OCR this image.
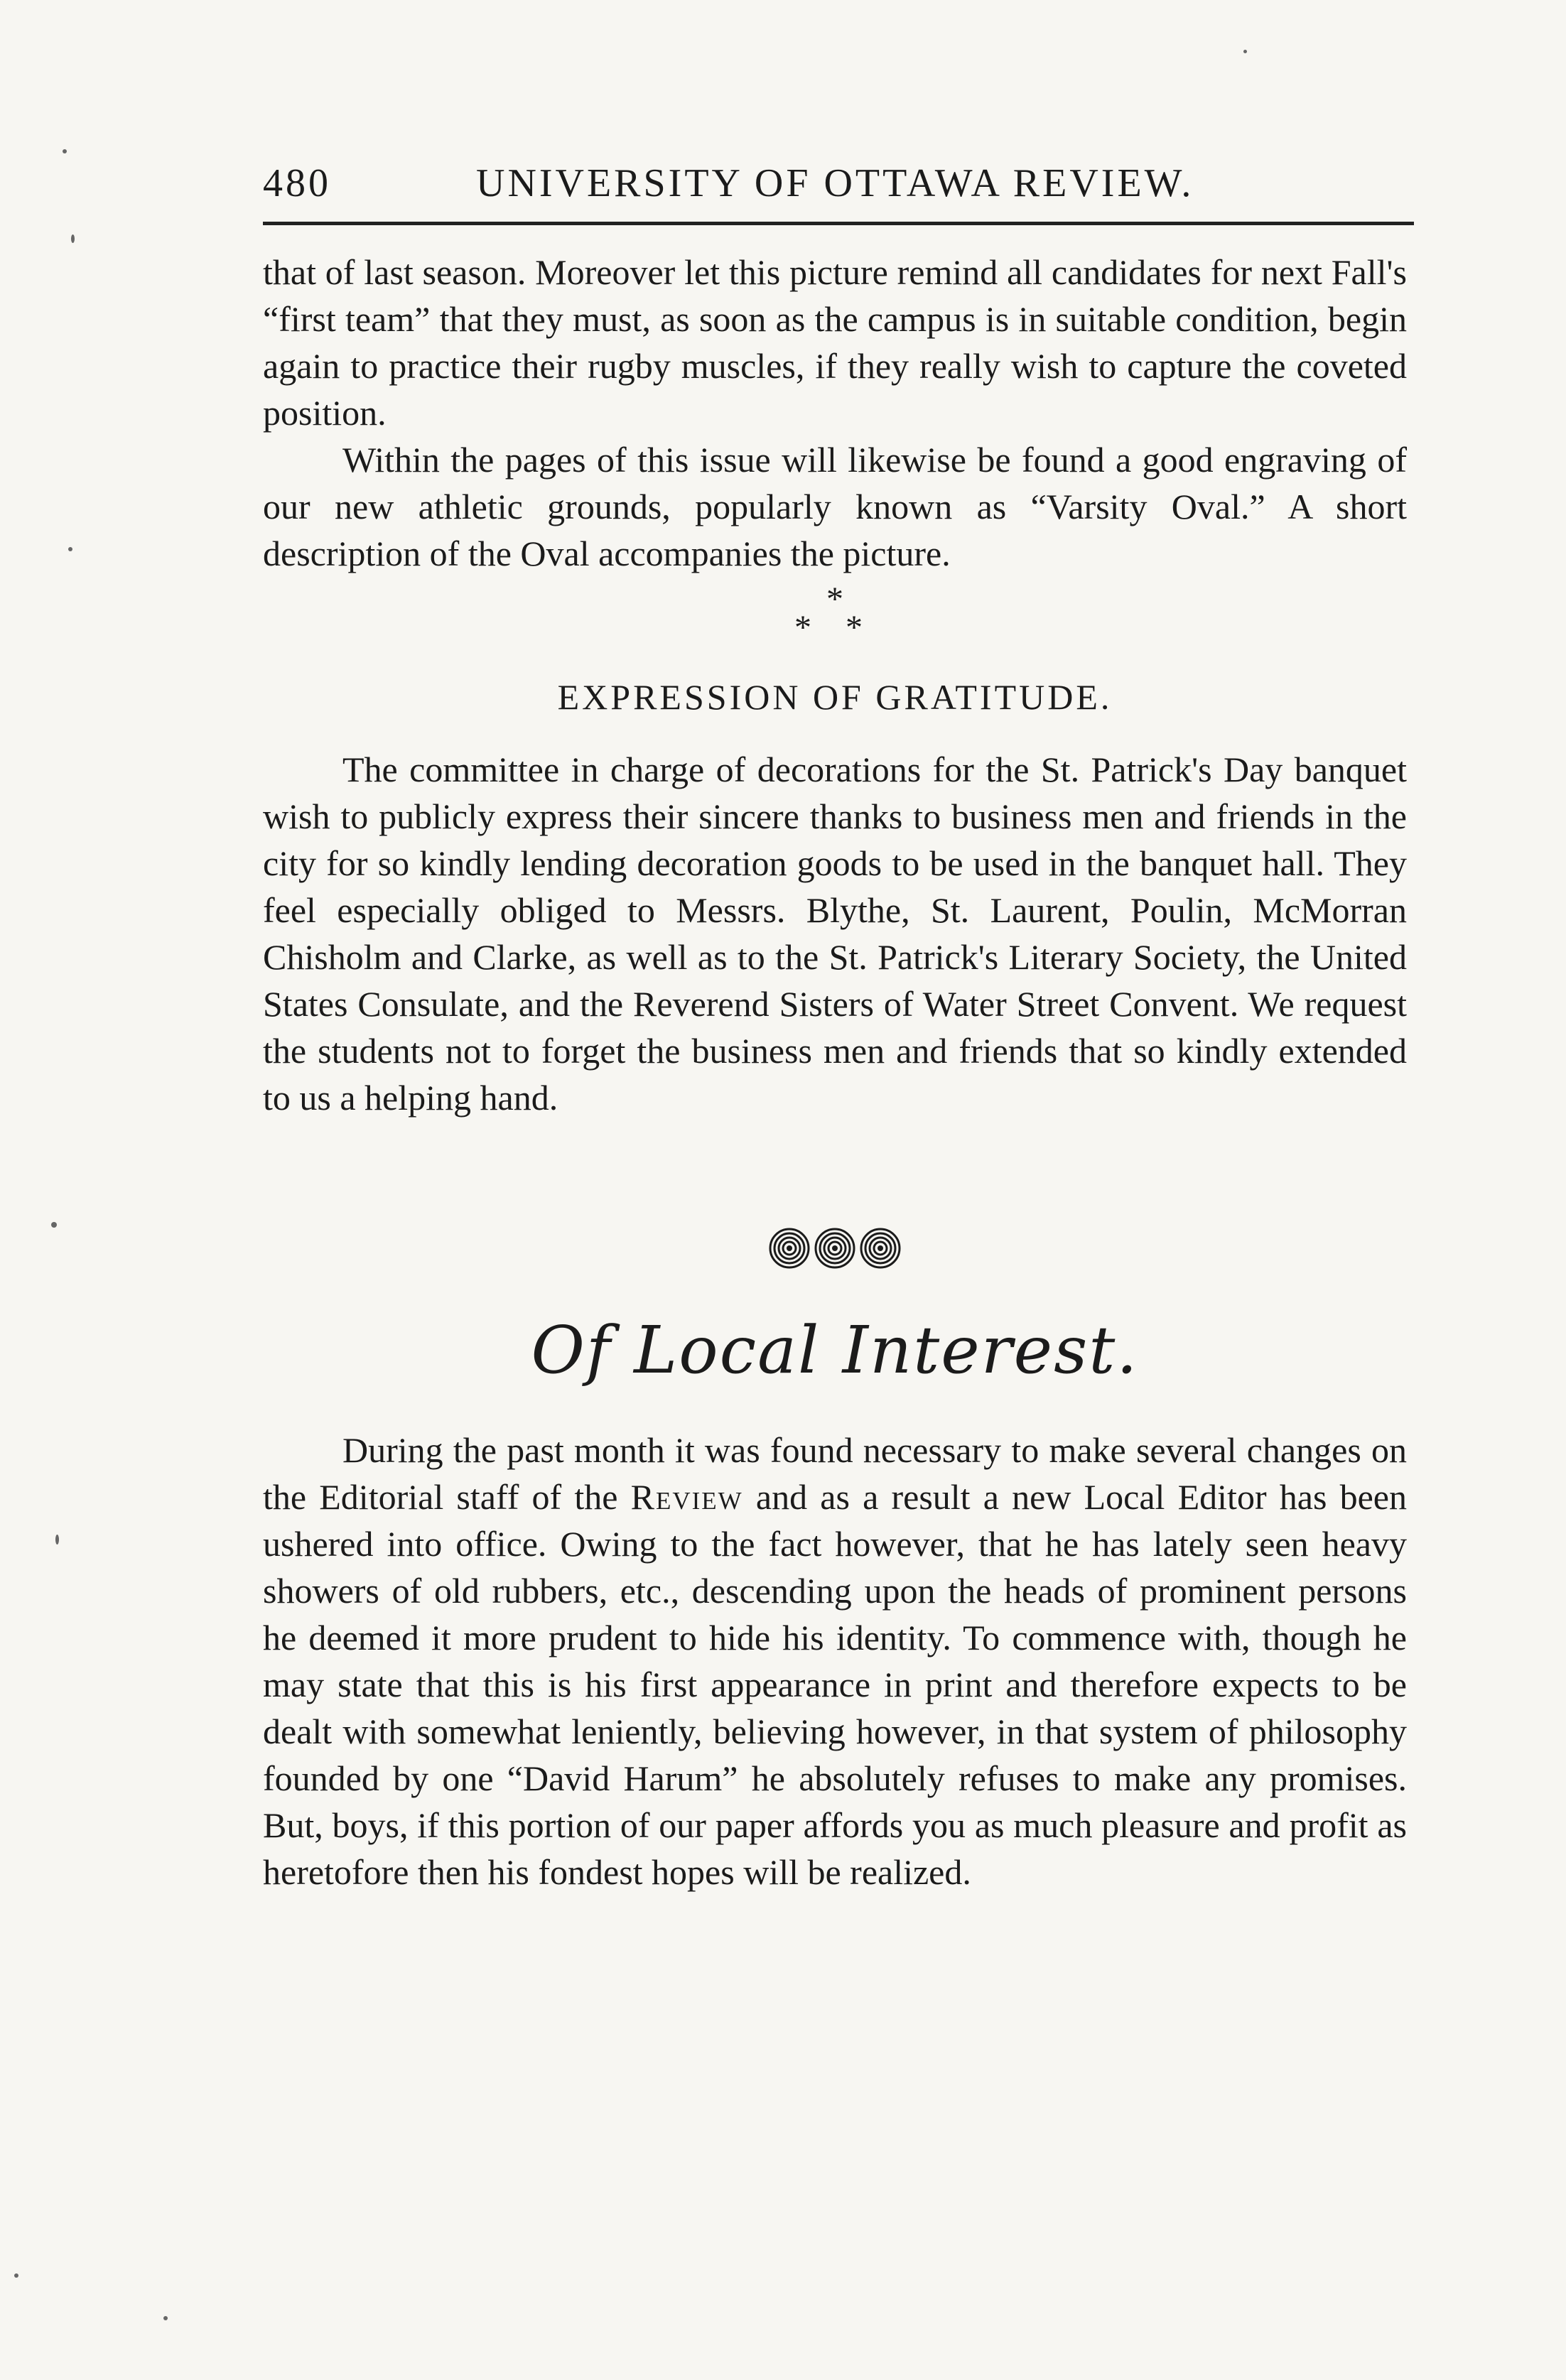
480	UNIVERSITY OF OTTAWA REVIEW.

that of last season. Moreover let this picture remind all candidates for next Fall's “first team” that they must, as soon as the campus is in suitable condition, begin again to practice their rugby muscles, if they really wish to capture the coveted position.

Within the pages of this issue will likewise be found a good engraving of our new athletic grounds, popularly known as “Varsity Oval.” A short description of the Oval accompanies the picture.

*
* *

EXPRESSION OF GRATITUDE.

The committee in charge of decorations for the St. Patrick's Day banquet wish to publicly express their sincere thanks to business men and friends in the city for so kindly lending decoration goods to be used in the banquet hall. They feel especially obliged to Messrs. Blythe, St. Laurent, Poulin, McMorran Chisholm and Clarke, as well as to the St. Patrick's Literary Society, the United States Consulate, and the Reverend Sisters of Water Street Convent. We request the students not to forget the business men and friends that so kindly extended to us a helping hand.

Of Local Interest.

During the past month it was found necessary to make several changes on the Editorial staff of the Review and as a result a new Local Editor has been ushered into office. Owing to the fact however, that he has lately seen heavy showers of old rubbers, etc., descending upon the heads of prominent persons he deemed it more prudent to hide his identity. To commence with, though he may state that this is his first appearance in print and therefore expects to be dealt with somewhat leniently, believing however, in that system of philosophy founded by one “David Harum” he absolutely refuses to make any promises. But, boys, if this portion of our paper affords you as much pleasure and profit as heretofore then his fondest hopes will be realized.
